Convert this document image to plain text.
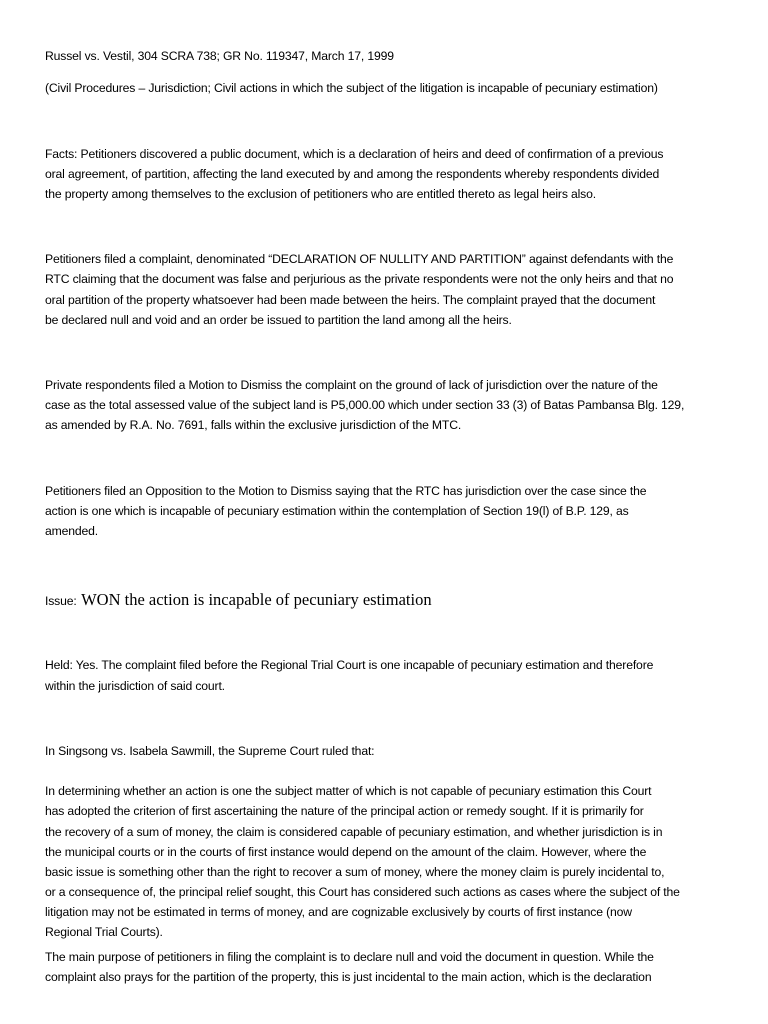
Russel vs. Vestil, 304 SCRA 738; GR No. 119347, March 17, 1999
(Civil Procedures – Jurisdiction; Civil actions in which the subject of the litigation is incapable of pecuniary estimation)
Facts: Petitioners discovered a public document, which is a declaration of heirs and deed of confirmation of a previous
oral agreement, of partition, affecting the land executed by and among the respondents whereby respondents divided
the property among themselves to the exclusion of petitioners who are entitled thereto as legal heirs also.
Petitioners filed a complaint, denominated “DECLARATION OF NULLITY AND PARTITION” against defendants with the
RTC claiming that the document was false and perjurious as the private respondents were not the only heirs and that no
oral partition of the property whatsoever had been made between the heirs. The complaint prayed that the document
be declared null and void and an order be issued to partition the land among all the heirs.
Private respondents filed a Motion to Dismiss the complaint on the ground of lack of jurisdiction over the nature of the
case as the total assessed value of the subject land is P5,000.00 which under section 33 (3) of Batas Pambansa Blg. 129,
as amended by R.A. No. 7691, falls within the exclusive jurisdiction of the MTC.
Petitioners filed an Opposition to the Motion to Dismiss saying that the RTC has jurisdiction over the case since the
action is one which is incapable of pecuniary estimation within the contemplation of Section 19(l) of B.P. 129, as
amended.
Issue: WON the action is incapable of pecuniary estimation
Held: Yes. The complaint filed before the Regional Trial Court is one incapable of pecuniary estimation and therefore
within the jurisdiction of said court.
In Singsong vs. Isabela Sawmill, the Supreme Court ruled that:
In determining whether an action is one the subject matter of which is not capable of pecuniary estimation this Court
has adopted the criterion of first ascertaining the nature of the principal action or remedy sought. If it is primarily for
the recovery of a sum of money, the claim is considered capable of pecuniary estimation, and whether jurisdiction is in
the municipal courts or in the courts of first instance would depend on the amount of the claim. However, where the
basic issue is something other than the right to recover a sum of money, where the money claim is purely incidental to,
or a consequence of, the principal relief sought, this Court has considered such actions as cases where the subject of the
litigation may not be estimated in terms of money, and are cognizable exclusively by courts of first instance (now
Regional Trial Courts).
The main purpose of petitioners in filing the complaint is to declare null and void the document in question. While the
complaint also prays for the partition of the property, this is just incidental to the main action, which is the declaration
